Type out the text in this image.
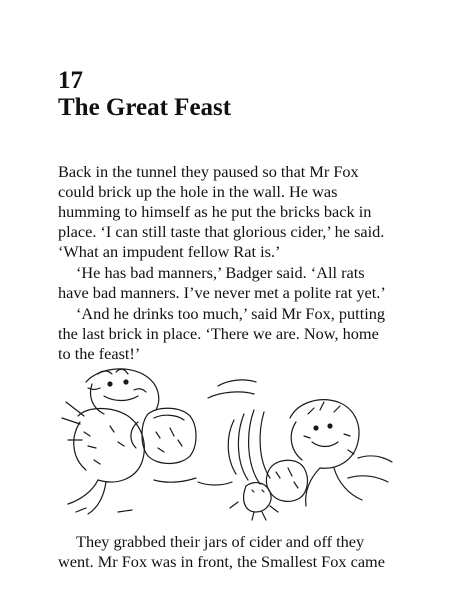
17
The Great Feast

Back in the tunnel they paused so that Mr Fox
could brick up the hole in the wall. He was
humming to himself as he put the bricks back in
place. ‘I can still taste that glorious cider,’ he said.
‘What an impudent fellow Rat is.’

‘He has bad manners,’ Badger said. ‘All rats
have bad manners. I’ve never met a polite rat yet.’

‘And he drinks too much,’ said Mr Fox, putting
the last brick in place. ‘There we are. Now, home
to the feast!’

They grabbed their jars of cider and off they
went. Mr Fox was in front, the Smallest Fox came
